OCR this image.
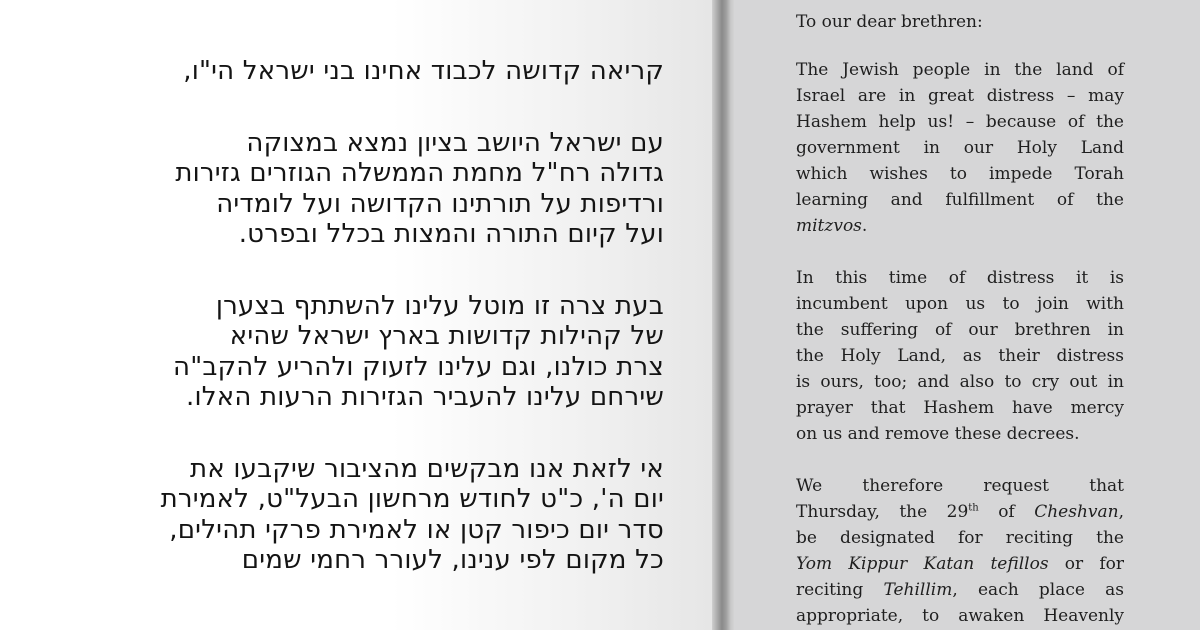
קריאה קדושה לכבוד אחינו בני ישראל הי"ו,

עם ישראל היושב בציון נמצא במצוקה
גדולה רח"ל מחמת הממשלה הגוזרים גזירות
ורדיפות על תורתינו הקדושה ועל לומדיה
ועל קיום התורה והמצות בכלל ובפרט.

בעת צרה זו מוטל עלינו להשתתף בצערן
של קהילות קדושות בארץ ישראל שהיא
צרת כולנו, וגם עלינו לזעוק ולהריע להקב"ה
שירחם עלינו להעביר הגזירות הרעות האלו.

אי לזאת אנו מבקשים מהציבור שיקבעו את
יום ה', כ"ט לחודש מרחשון הבעל"ט, לאמירת
סדר יום כיפור קטן או לאמירת פרקי תהילים,
כל מקום לפי ענינו, לעורר רחמי שמים

To our dear brethren:

The Jewish people in the land of
Israel are in great distress – may
Hashem help us! – because of the
government in our Holy Land
which wishes to impede Torah
learning and fulfillment of the
mitzvos.

In this time of distress it is
incumbent upon us to join with
the suffering of our brethren in
the Holy Land, as their distress
is ours, too; and also to cry out in
prayer that Hashem have mercy
on us and remove these decrees.

We therefore request that
Thursday, the 29th of Cheshvan,
be designated for reciting the
Yom Kippur Katan tefillos or for
reciting Tehillim, each place as
appropriate, to awaken Heavenly
